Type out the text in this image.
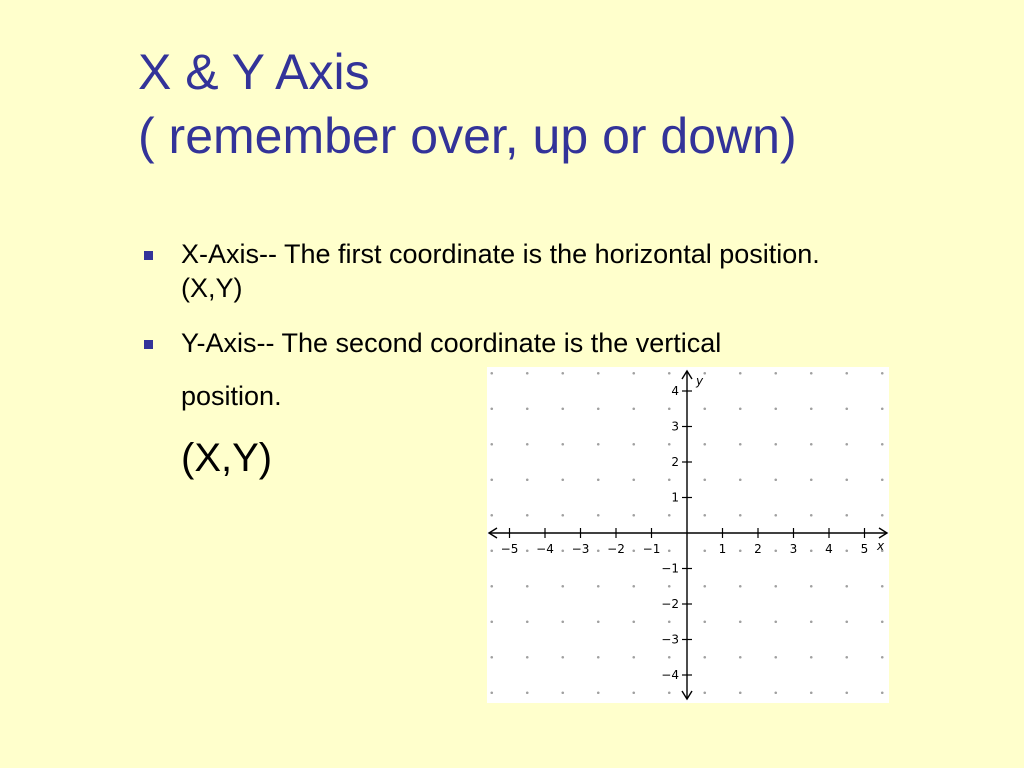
X & Y Axis
( remember over, up or down)
X-Axis-- The first coordinate is the horizontal position.
(X,Y)
Y-Axis-- The second coordinate is the vertical
position.
(X,Y)
−5 −4 −3 −2 −1	1 2 3 4 5
4
3
2
1
−1
−2
−3
−4
x
y
